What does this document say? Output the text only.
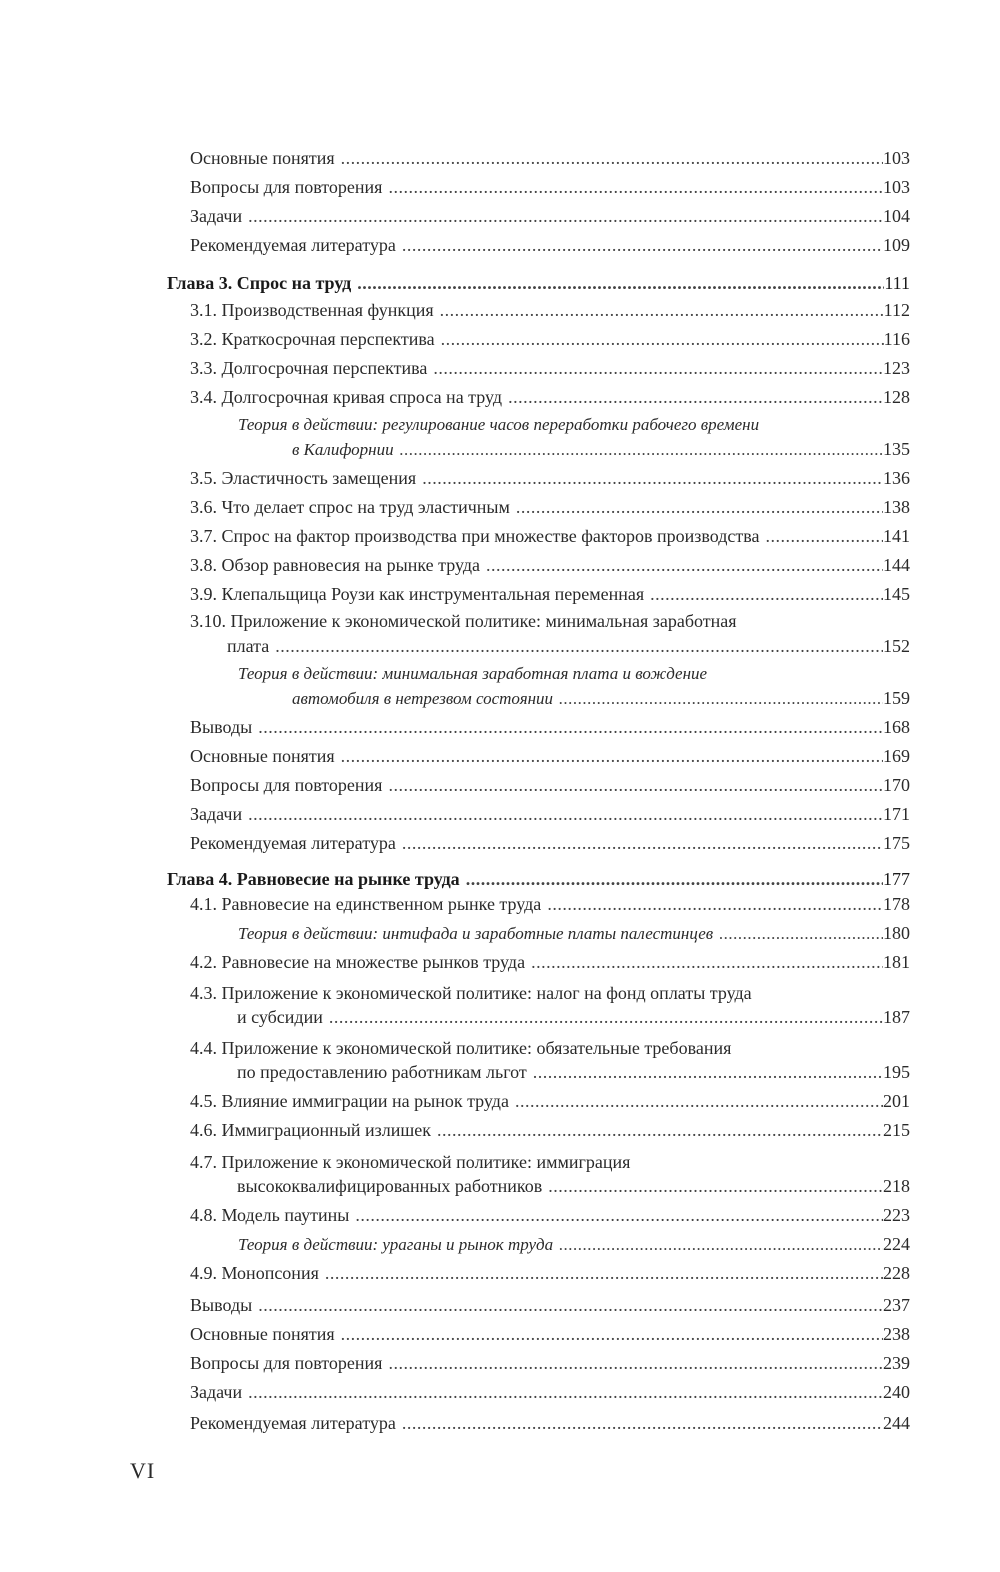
Основные понятия .....	103
Вопросы для повторения .....	103
Задачи .....	104
Рекомендуемая литература .....	109
Глава 3. Спрос на труд .....	111
3.1. Производственная функция .....	112
3.2. Краткосрочная перспектива .....	116
3.3. Долгосрочная перспектива .....	123
3.4. Долгосрочная кривая спроса на труд .....	128
Теория в действии: регулирование часов переработки рабочего времени
в Калифорнии .....	135
3.5. Эластичность замещения .....	136
3.6. Что делает спрос на труд эластичным .....	138
3.7. Спрос на фактор производства при множестве факторов производства .....	141
3.8. Обзор равновесия на рынке труда .....	144
3.9. Клепальщица Роузи как инструментальная переменная .....	145
3.10. Приложение к экономической политике: минимальная заработная
плата .....	152
Теория в действии: минимальная заработная плата и вождение
автомобиля в нетрезвом состоянии .....	159
Выводы .....	168
Основные понятия .....	169
Вопросы для повторения .....	170
Задачи .....	171
Рекомендуемая литература .....	175
Глава 4. Равновесие на рынке труда .....	177
4.1. Равновесие на единственном рынке труда .....	178
Теория в действии: интифада и заработные платы палестинцев .....	180
4.2. Равновесие на множестве рынков труда .....	181
4.3. Приложение к экономической политике: налог на фонд оплаты труда
и субсидии .....	187
4.4. Приложение к экономической политике: обязательные требования
по предоставлению работникам льгот .....	195
4.5. Влияние иммиграции на рынок труда .....	201
4.6. Иммиграционный излишек .....	215
4.7. Приложение к экономической политике: иммиграция
высококвалифицированных работников .....	218
4.8. Модель паутины .....	223
Теория в действии: ураганы и рынок труда .....	224
4.9. Монопсония .....	228
Выводы .....	237
Основные понятия .....	238
Вопросы для повторения .....	239
Задачи .....	240
Рекомендуемая литература .....	244
VI
